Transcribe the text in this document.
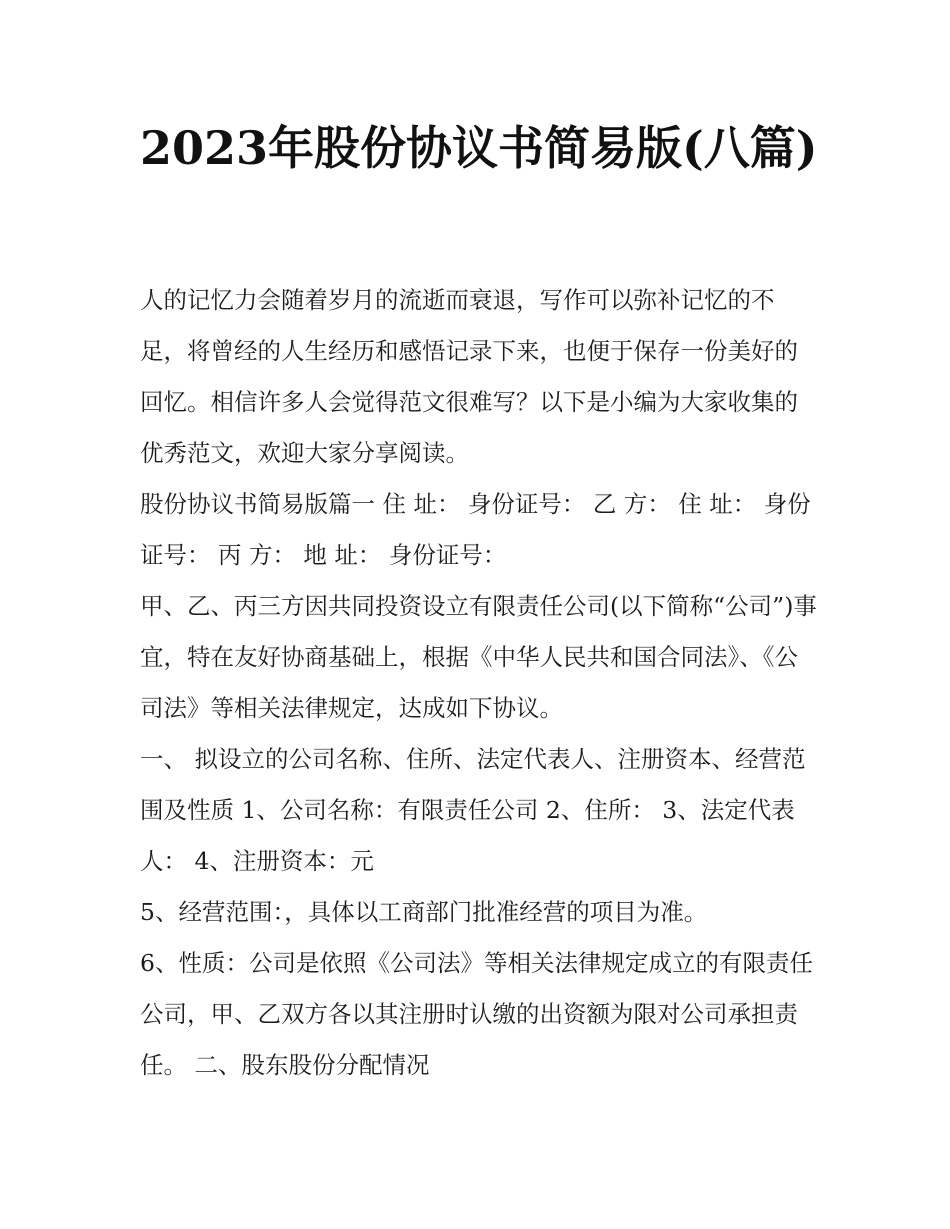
2023年股份协议书简易版(八篇)

人的记忆力会随着岁月的流逝而衰退，写作可以弥补记忆的不足，将曾经的人生经历和感悟记录下来，也便于保存一份美好的回忆。相信许多人会觉得范文很难写？以下是小编为大家收集的优秀范文，欢迎大家分享阅读。

股份协议书简易版篇一 住 址： 身份证号： 乙 方： 住 址： 身份证号： 丙 方： 地 址： 身份证号：

甲、乙、丙三方因共同投资设立有限责任公司(以下简称“公司”)事宜，特在友好协商基础上，根据《中华人民共和国合同法》、《公司法》等相关法律规定，达成如下协议。

一、 拟设立的公司名称、住所、法定代表人、注册资本、经营范围及性质 1、公司名称：有限责任公司 2、住所： 3、法定代表人： 4、注册资本：元

5、经营范围：，具体以工商部门批准经营的项目为准。

6、性质：公司是依照《公司法》等相关法律规定成立的有限责任公司，甲、乙双方各以其注册时认缴的出资额为限对公司承担责任。 二、股东股份分配情况
